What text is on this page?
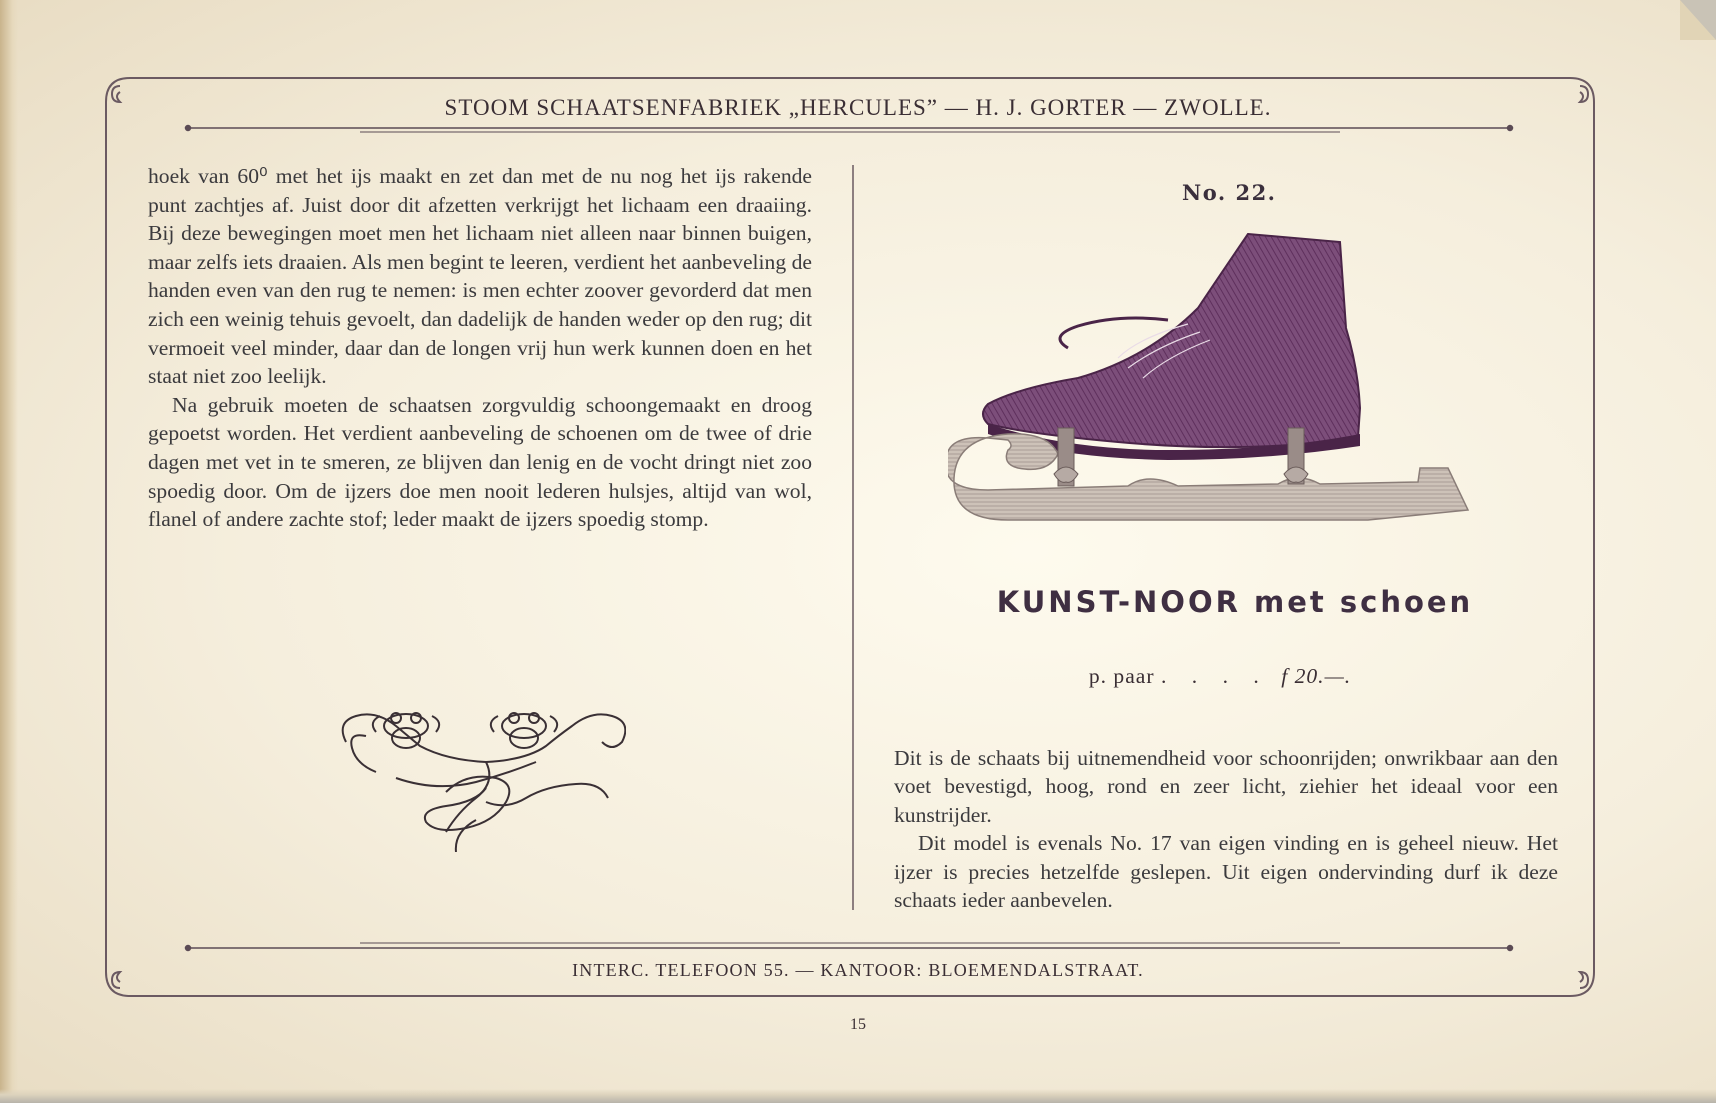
STOOM SCHAATSENFABRIEK „HERCULES” — H. J. GORTER — ZWOLLE.

hoek van 60⁰ met het ijs maakt en zet dan met de nu nog het ijs rakende punt zachtjes af. Juist door dit afzetten verkrijgt het lichaam een draaiing. Bij deze bewegingen moet men het lichaam niet alleen naar binnen buigen, maar zelfs iets draaien. Als men begint te leeren, verdient het aanbeveling de handen even van den rug te nemen: is men echter zoover gevorderd dat men zich een weinig tehuis gevoelt, dan dadelijk de handen weder op den rug; dit vermoeit veel minder, daar dan de longen vrij hun werk kunnen doen en het staat niet zoo leelijk.

Na gebruik moeten de schaatsen zorgvuldig schoongemaakt en droog gepoetst worden. Het verdient aanbeveling de schoenen om de twee of drie dagen met vet in te smeren, ze blijven dan lenig en de vocht dringt niet zoo spoedig door. Om de ijzers doe men nooit lederen hulsjes, altijd van wol, flanel of andere zachte stof; leder maakt de ijzers spoedig stomp.

No. 22.
KUNST-NOOR met schoen
p. paar . . . . f 20.—.

Dit is de schaats bij uitnemendheid voor schoonrijden; onwrikbaar aan den voet bevestigd, hoog, rond en zeer licht, ziehier het ideaal voor een kunstrijder.

Dit model is evenals No. 17 van eigen vinding en is geheel nieuw. Het ijzer is precies hetzelfde geslepen. Uit eigen ondervinding durf ik deze schaats ieder aanbevelen.

INTERC. TELEFOON 55. — KANTOOR: BLOEMENDALSTRAAT.
15
